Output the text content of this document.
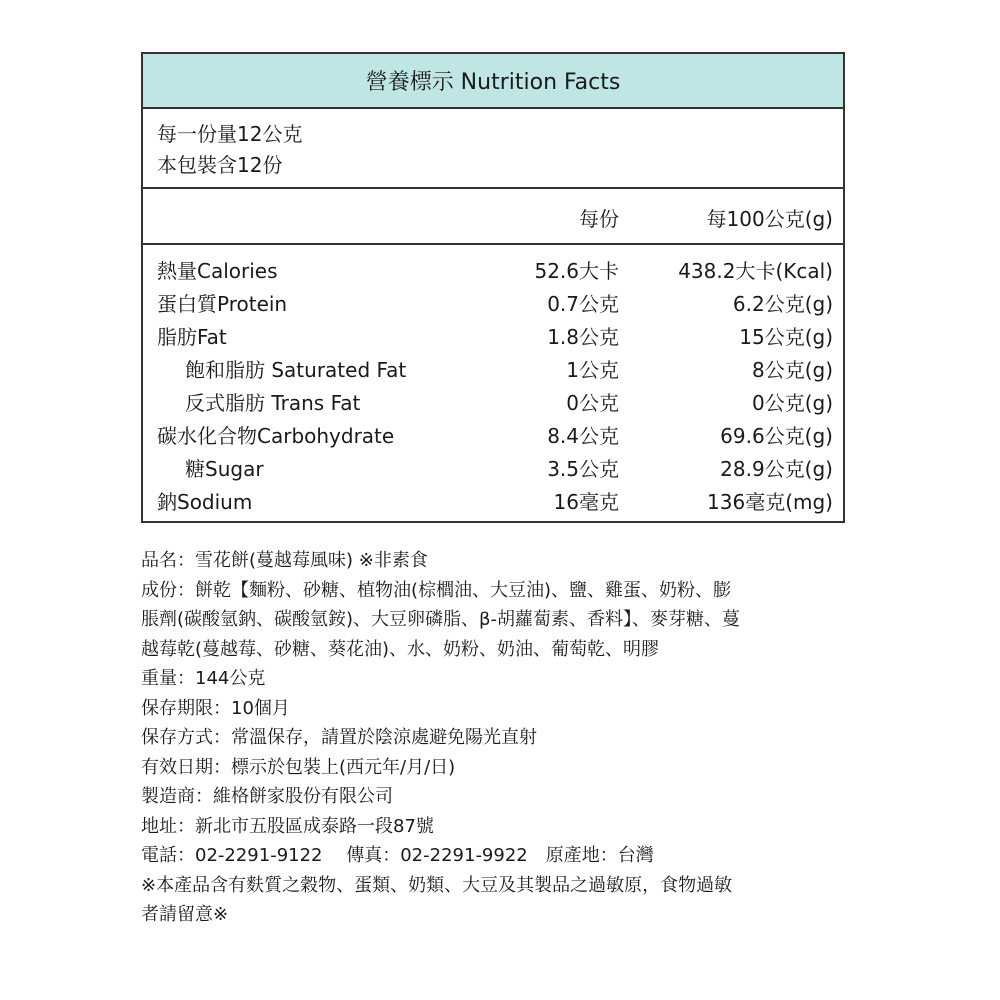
營養標示 Nutrition Facts
每一份量12公克
本包裝含12份
每份	每100公克(g)
熱量Calories	52.6大卡	438.2大卡(Kcal)
蛋白質Protein	0.7公克	6.2公克(g)
脂肪Fat	1.8公克	15公克(g)
飽和脂肪 Saturated Fat	1公克	8公克(g)
反式脂肪 Trans Fat	0公克	0公克(g)
碳水化合物Carbohydrate	8.4公克	69.6公克(g)
糖Sugar	3.5公克	28.9公克(g)
鈉Sodium	16毫克	136毫克(mg)

品名：雪花餅(蔓越莓風味) ※非素食

成份：餅乾【麵粉、砂糖、植物油(棕櫚油、大豆油)、鹽、雞蛋、奶粉、膨

脹劑(碳酸氫鈉、碳酸氫銨)、大豆卵磷脂、β-胡蘿蔔素、香料】、麥芽糖、蔓

越莓乾(蔓越莓、砂糖、葵花油)、水、奶粉、奶油、葡萄乾、明膠

重量：144公克

保存期限：10個月

保存方式：常溫保存，請置於陰涼處避免陽光直射

有效日期：標示於包裝上(西元年/月/日)

製造商：維格餅家股份有限公司

地址：新北市五股區成泰路一段87號

電話：02-2291-9122　 傳真：02-2291-9922　原產地：台灣

※本產品含有麩質之穀物、蛋類、奶類、大豆及其製品之過敏原，食物過敏

者請留意※
